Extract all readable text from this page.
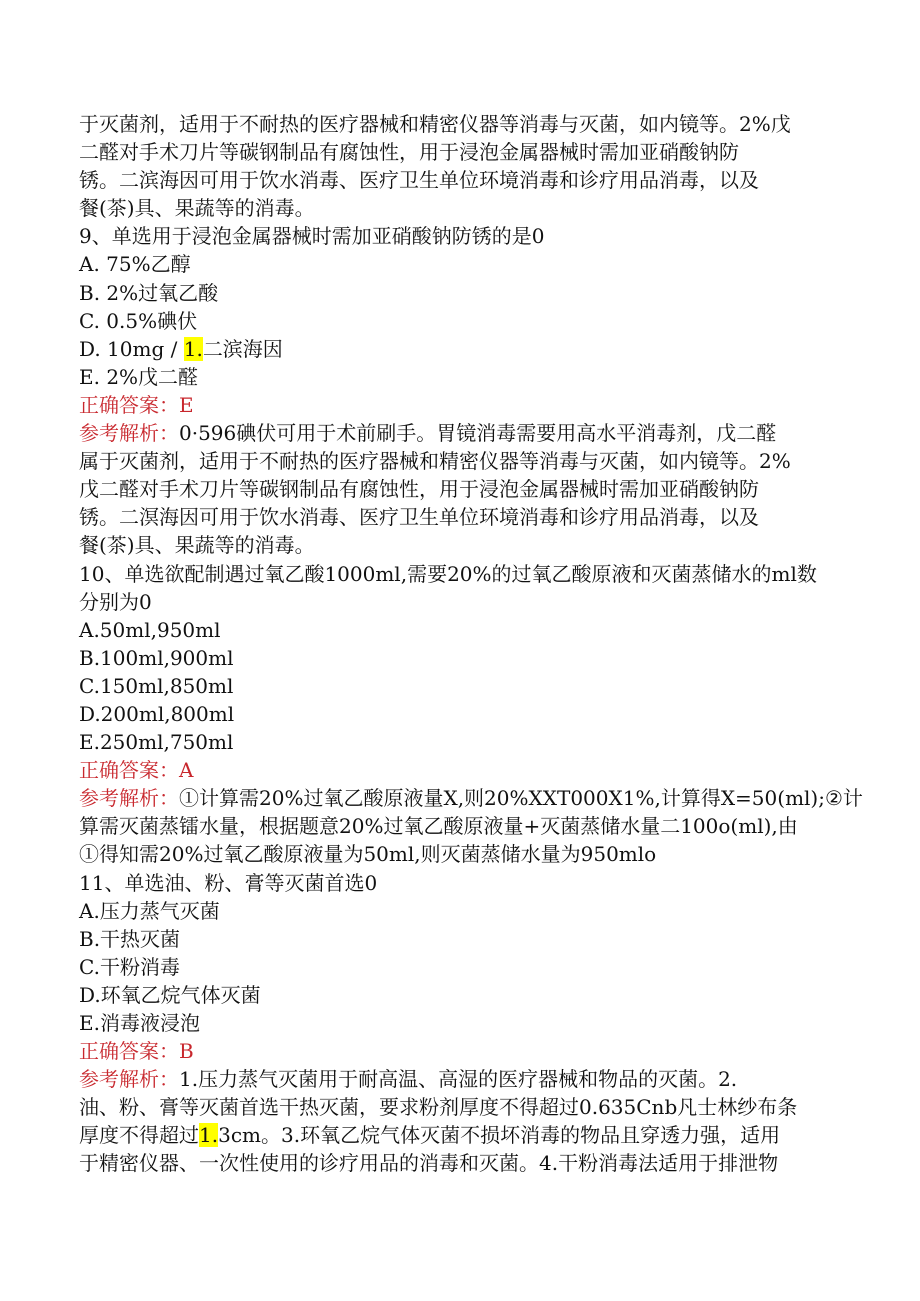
于灭菌剂，适用于不耐热的医疗器械和精密仪器等消毒与灭菌，如内镜等。2%戊
二醛对手术刀片等碳钢制品有腐蚀性，用于浸泡金属器械时需加亚硝酸钠防
锈。二滨海因可用于饮水消毒、医疗卫生单位环境消毒和诊疗用品消毒，以及
餐(茶)具、果蔬等的消毒。
9、单选用于浸泡金属器械时需加亚硝酸钠防锈的是0
A. 75%乙醇
B. 2%过氧乙酸
C. 0.5%碘伏
D. 10mg / 1.二滨海因
E. 2%戊二醛
正确答案：E
参考解析：0·596碘伏可用于术前刷手。胃镜消毒需要用高水平消毒剂，戊二醛
属于灭菌剂，适用于不耐热的医疗器械和精密仪器等消毒与灭菌，如内镜等。2%
戊二醛对手术刀片等碳钢制品有腐蚀性，用于浸泡金属器械时需加亚硝酸钠防
锈。二溟海因可用于饮水消毒、医疗卫生单位环境消毒和诊疗用品消毒，以及
餐(茶)具、果蔬等的消毒。
10、单选欲配制遇过氧乙酸1000ml,需要20%的过氧乙酸原液和灭菌蒸储水的ml数
分别为0
A.50ml,950ml
B.100ml,900ml
C.150ml,850ml
D.200ml,800ml
E.250ml,750ml
正确答案：A
参考解析：①计算需20%过氧乙酸原液量X,则20%XXT000X1%,计算得X=50(ml);②计
算需灭菌蒸镭水量，根据题意20%过氧乙酸原液量+灭菌蒸储水量二100o(ml),由
①得知需20%过氧乙酸原液量为50ml,则灭菌蒸储水量为950mlo
11、单选油、粉、膏等灭菌首选0
A.压力蒸气灭菌
B.干热灭菌
C.干粉消毒
D.环氧乙烷气体灭菌
E.消毒液浸泡
正确答案：B
参考解析：1.压力蒸气灭菌用于耐高温、高湿的医疗器械和物品的灭菌。2.
油、粉、膏等灭菌首选干热灭菌，要求粉剂厚度不得超过0.635Cnb凡士林纱布条
厚度不得超过1.3cm。3.环氧乙烷气体灭菌不损坏消毒的物品且穿透力强，适用
于精密仪器、一次性使用的诊疗用品的消毒和灭菌。4.干粉消毒法适用于排泄物
